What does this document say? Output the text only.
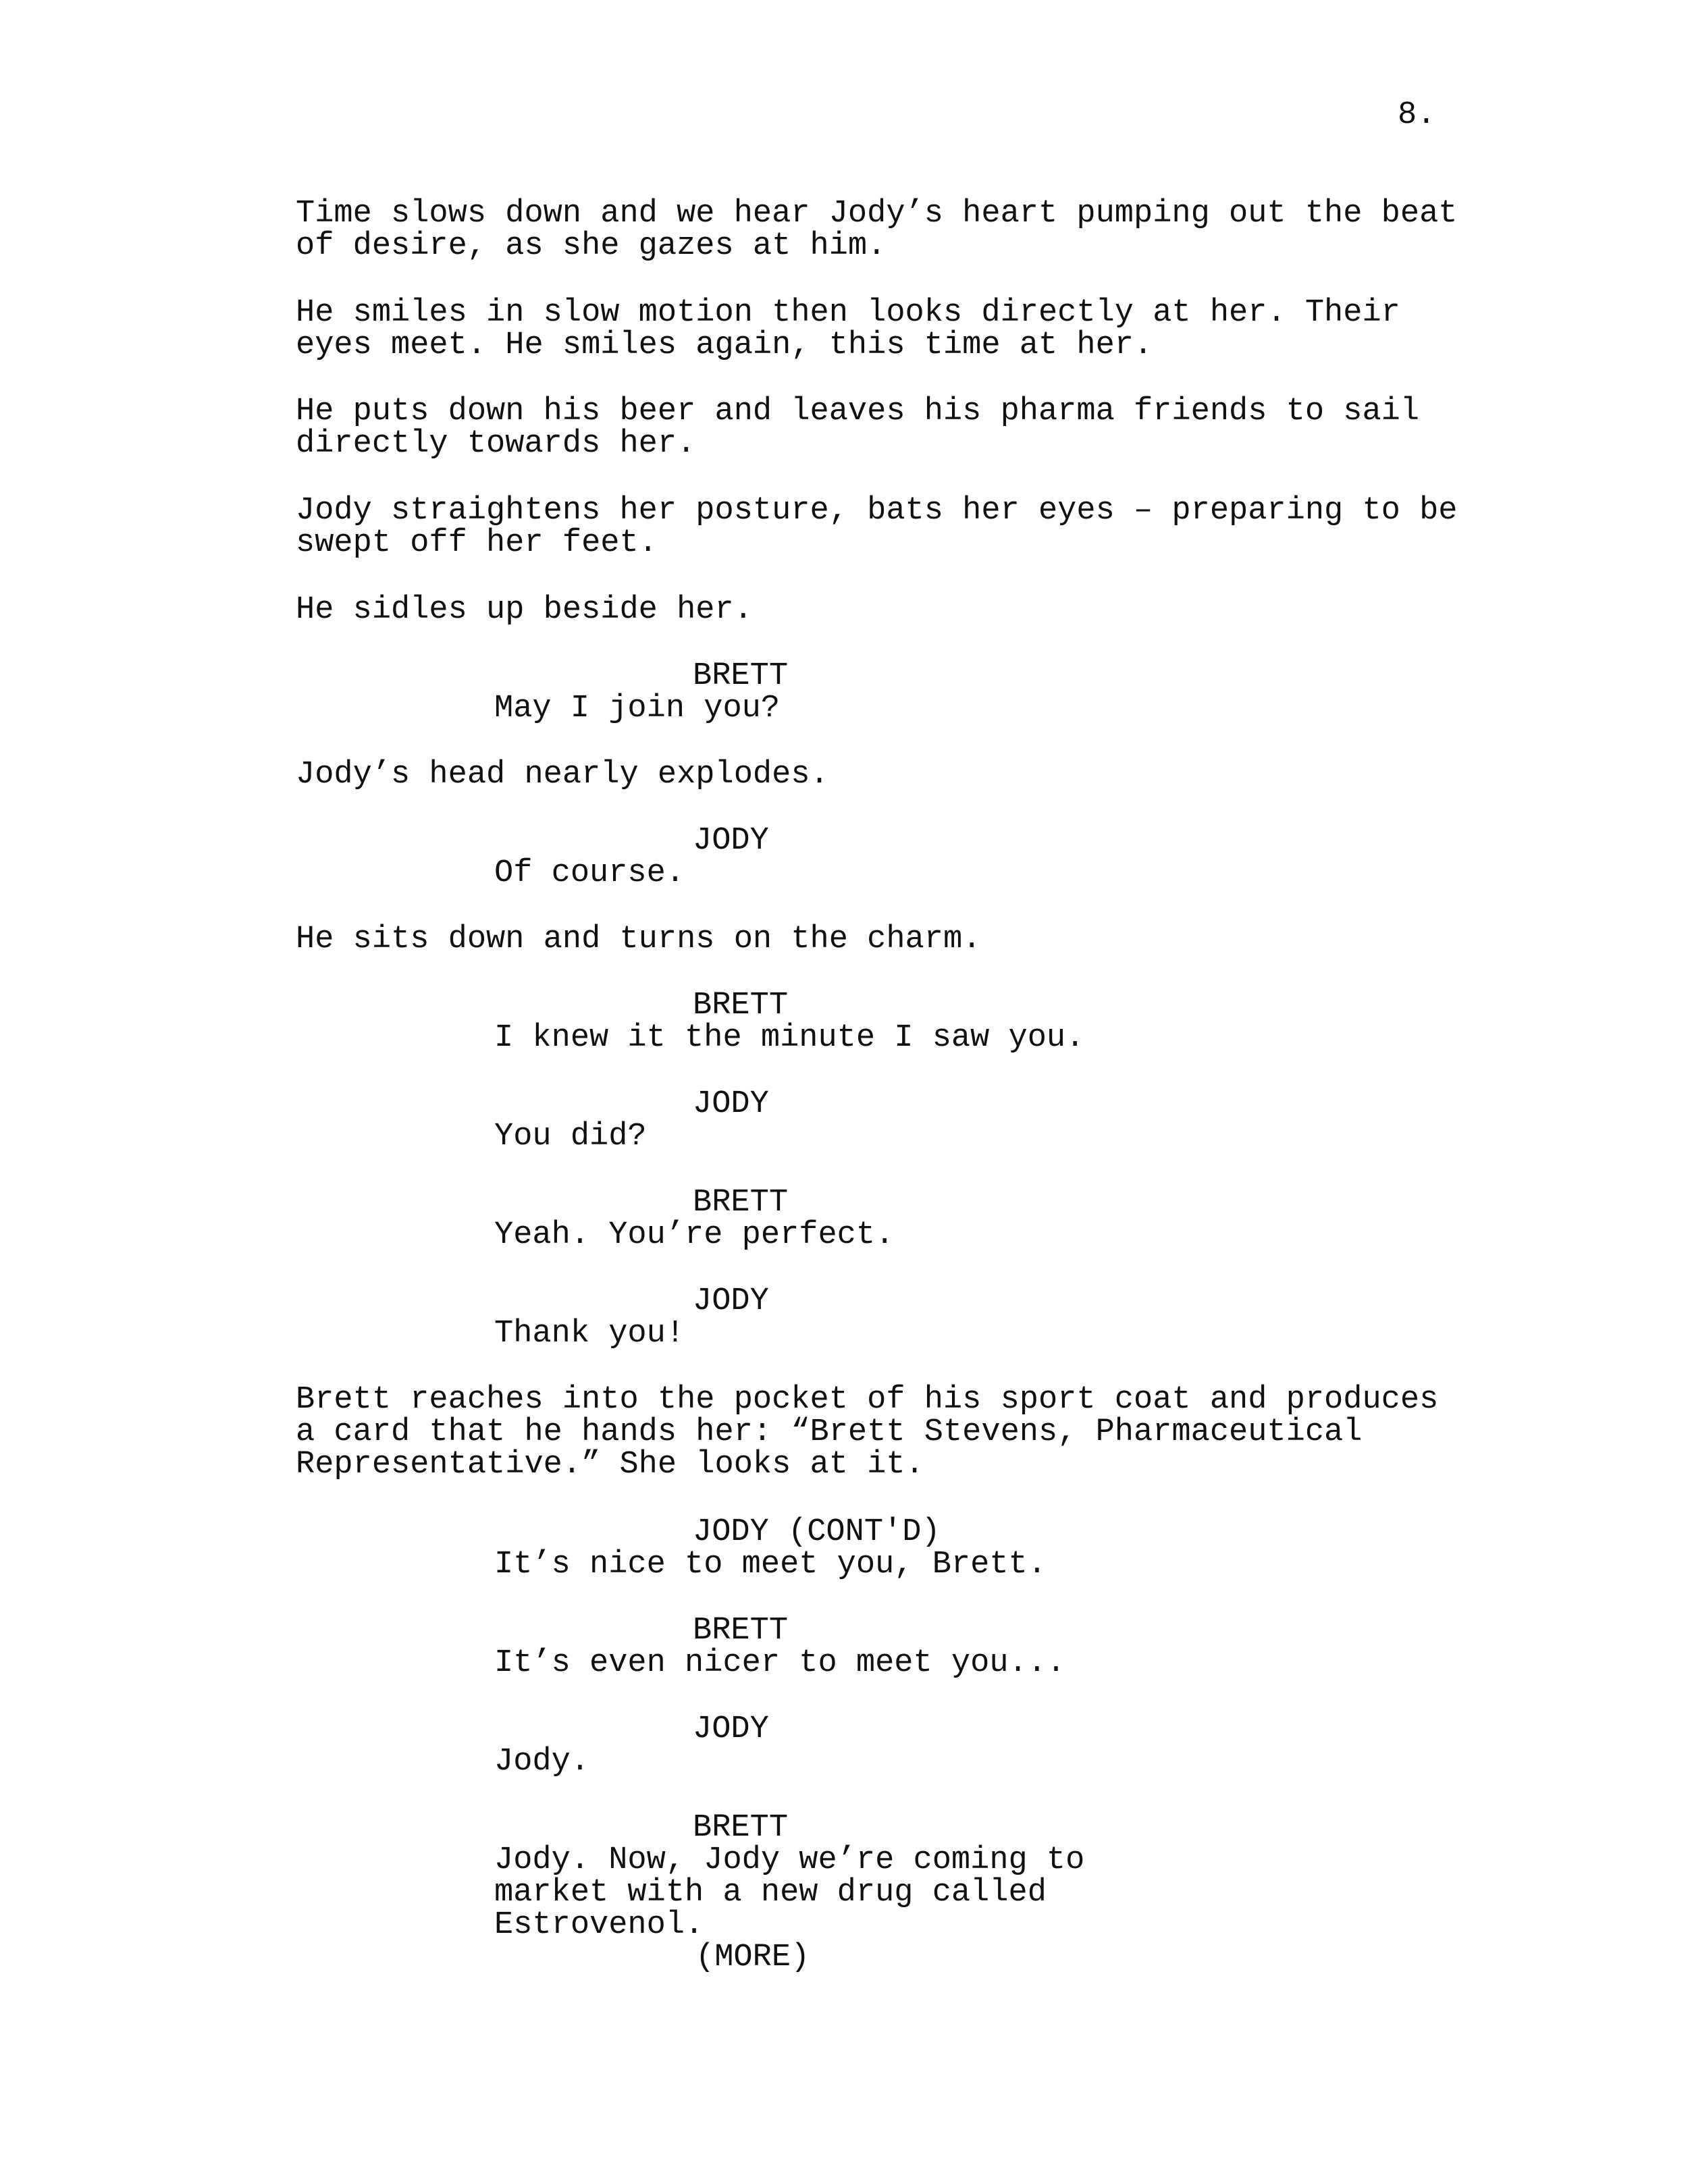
8.

Time slows down and we hear Jody’s heart pumping out the beat
of desire, as she gazes at him.

He smiles in slow motion then looks directly at her. Their
eyes meet. He smiles again, this time at her.

He puts down his beer and leaves his pharma friends to sail
directly towards her.

Jody straightens her posture, bats her eyes – preparing to be
swept off her feet.

He sidles up beside her.

BRETT

May I join you?

Jody’s head nearly explodes.

JODY

Of course.

He sits down and turns on the charm.

BRETT

I knew it the minute I saw you.

JODY

You did?

BRETT

Yeah. You’re perfect.

JODY

Thank you!

Brett reaches into the pocket of his sport coat and produces
a card that he hands her: “Brett Stevens, Pharmaceutical
Representative.” She looks at it.

JODY (CONT'D)

It’s nice to meet you, Brett.

BRETT

It’s even nicer to meet you...

JODY

Jody.

BRETT

Jody. Now, Jody we’re coming to
market with a new drug called
Estrovenol.

(MORE)
